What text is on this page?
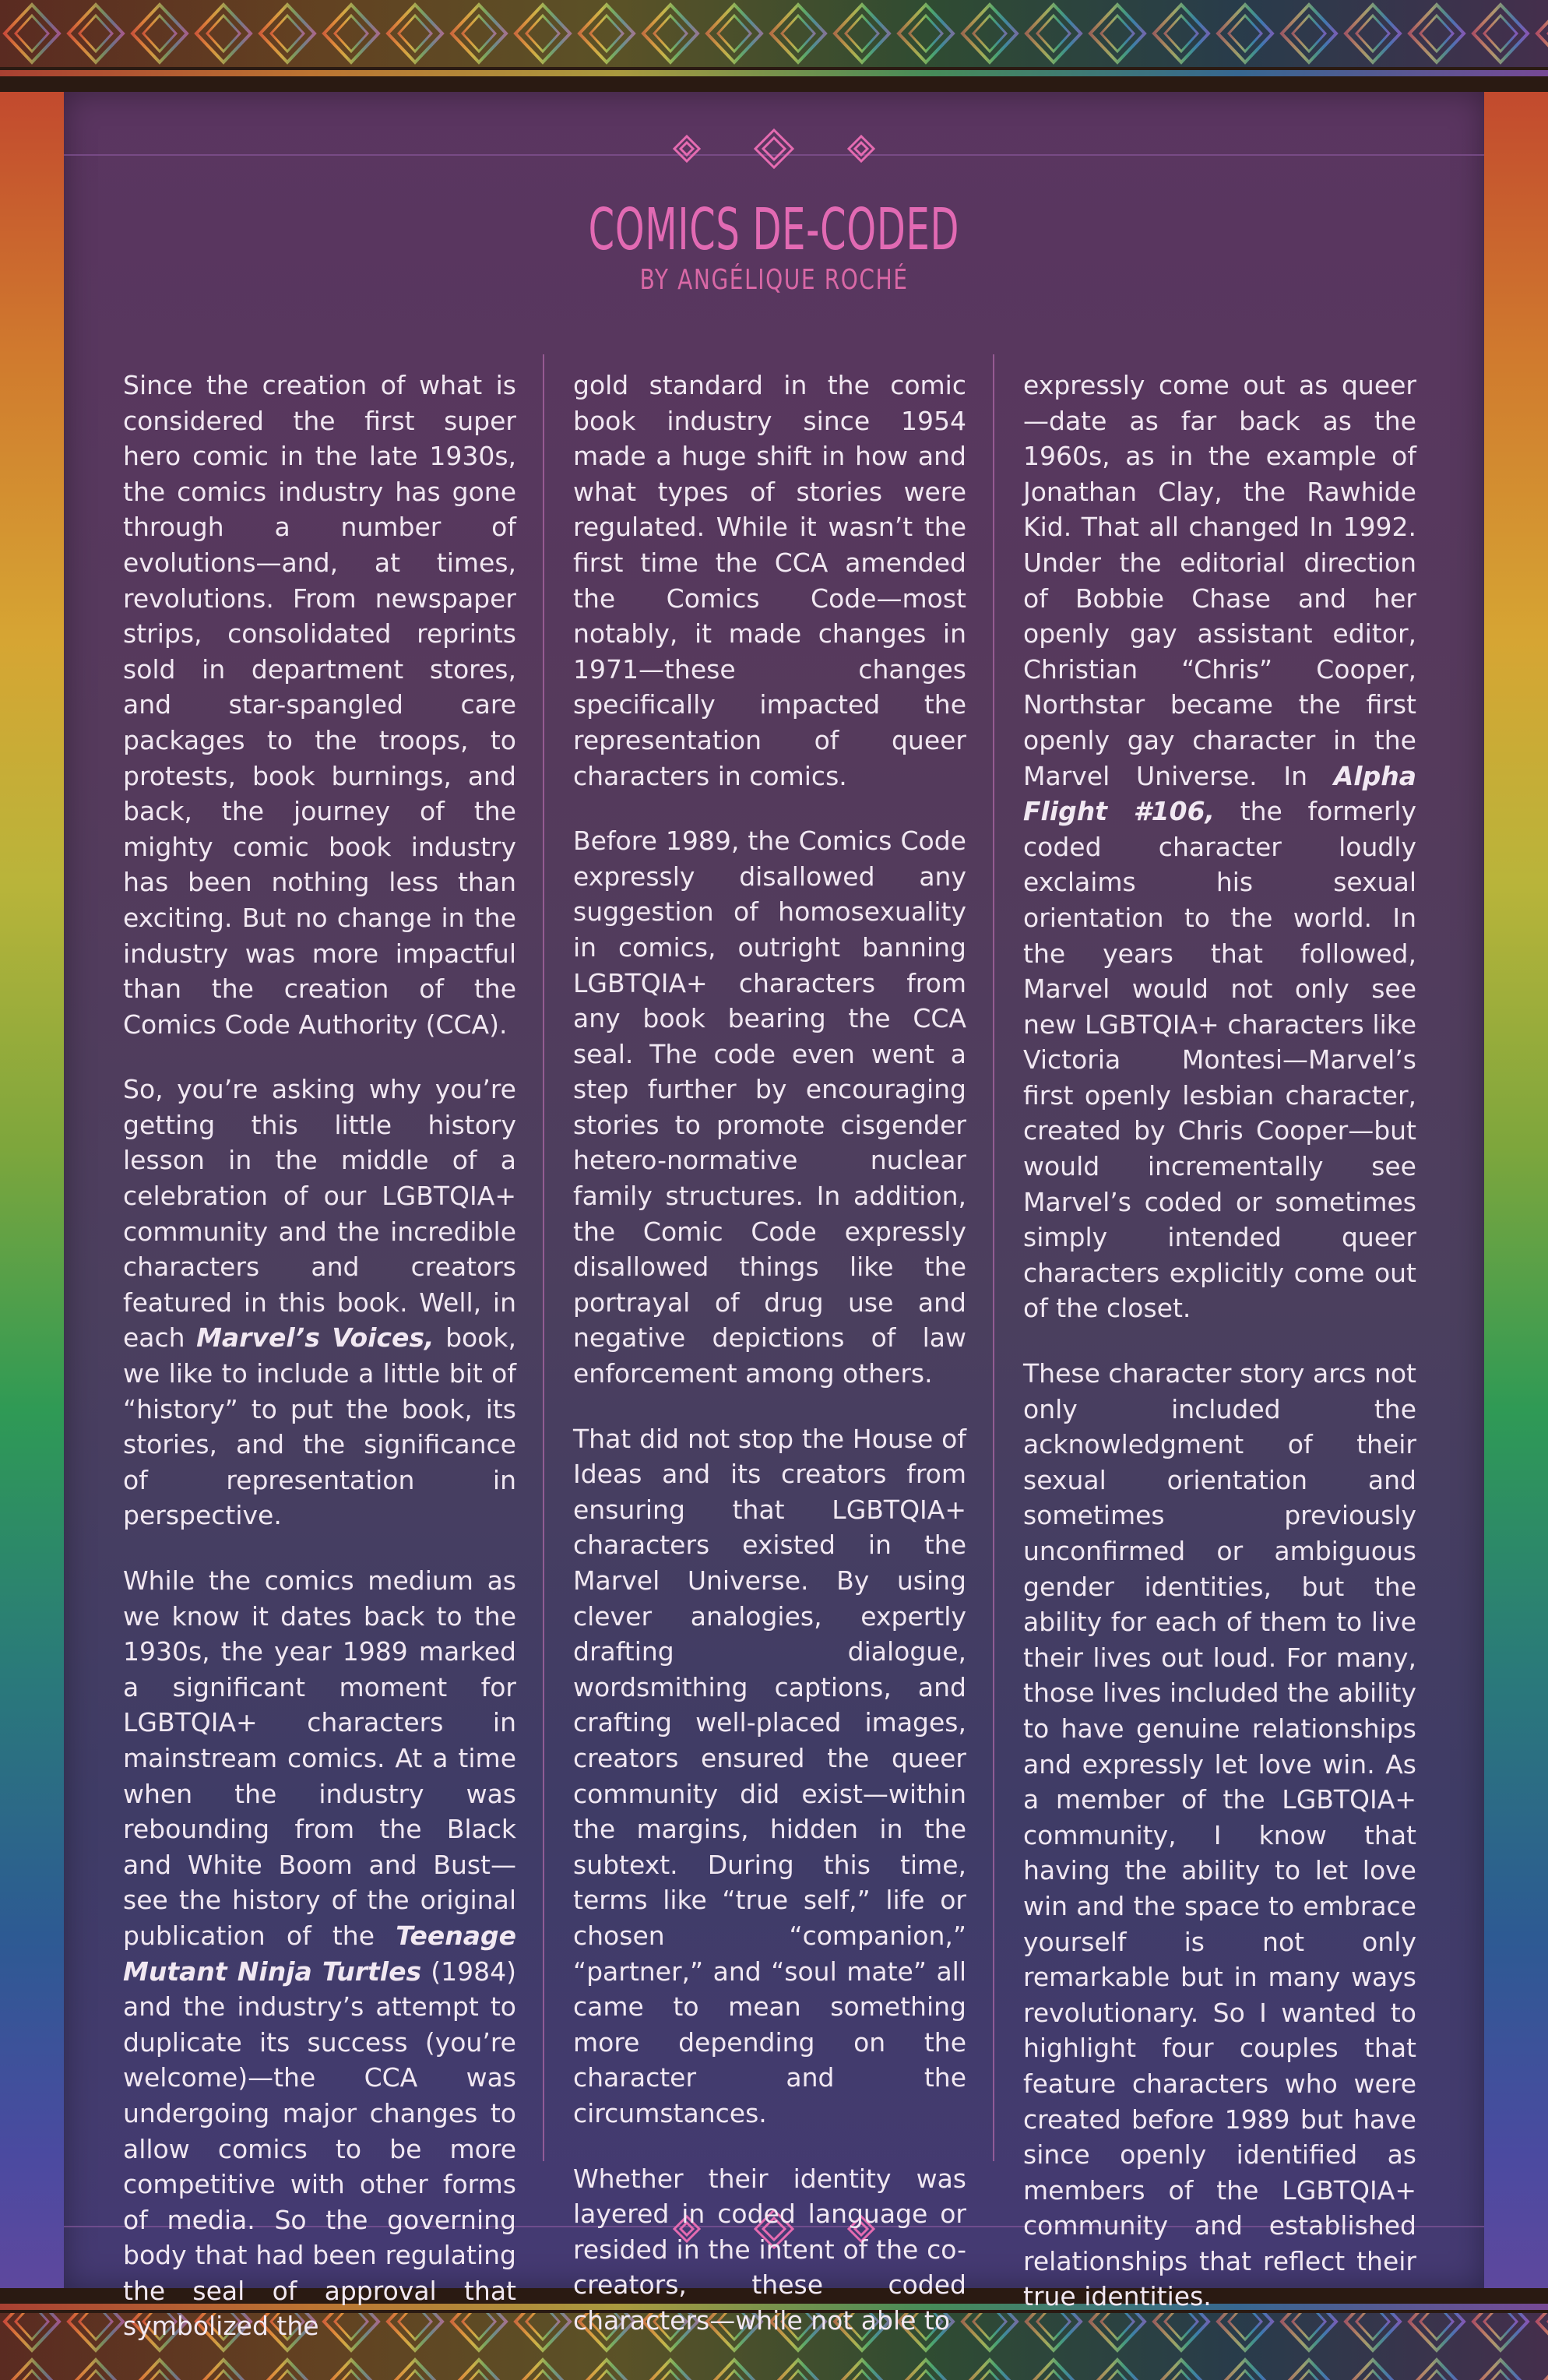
COMICS DE-CODED
BY ANGÉLIQUE ROCHÉ

Since the creation of what is considered the first super hero comic in the late 1930s, the comics industry has gone through a number of evolutions—and, at times, revolutions. From newspaper strips, consolidated reprints sold in department stores, and star-spangled care packages to the troops, to protests, book burnings, and back, the journey of the mighty comic book industry has been nothing less than exciting. But no change in the industry was more impactful than the creation of the Comics Code Authority (CCA).

So, you’re asking why you’re getting this little history lesson in the middle of a celebration of our LGBTQIA+ community and the incredible characters and creators featured in this book. Well, in each Marvel’s Voices, book, we like to include a little bit of “history” to put the book, its stories, and the significance of representation in perspective.

While the comics medium as we know it dates back to the 1930s, the year 1989 marked a significant moment for LGBTQIA+ characters in mainstream comics. At a time when the industry was rebounding from the Black and White Boom and Bust—see the history of the original publication of the Teenage Mutant Ninja Turtles (1984) and the industry’s attempt to duplicate its success (you’re welcome)—the CCA was undergoing major changes to allow comics to be more competitive with other forms of media. So the governing body that had been regulating the seal of approval that symbolized the

gold standard in the comic book industry since 1954 made a huge shift in how and what types of stories were regulated. While it wasn’t the first time the CCA amended the Comics Code—most notably, it made changes in 1971—these changes specifically impacted the representation of queer characters in comics.

Before 1989, the Comics Code expressly disallowed any suggestion of homosexuality in comics, outright banning LGBTQIA+ characters from any book bearing the CCA seal. The code even went a step further by encouraging stories to promote cisgender hetero-normative nuclear family structures. In addition, the Comic Code expressly disallowed things like the portrayal of drug use and negative depictions of law enforcement among others.

That did not stop the House of Ideas and its creators from ensuring that LGBTQIA+ characters existed in the Marvel Universe. By using clever analogies, expertly drafting dialogue, wordsmithing captions, and crafting well-placed images, creators ensured the queer community did exist—within the margins, hidden in the subtext. During this time, terms like “true self,” life or chosen “companion,” “partner,” and “soul mate” all came to mean something more depending on the character and the circumstances.

Whether their identity was layered in coded language or resided in the intent of the co-creators, these coded characters—while not able to

expressly come out as queer—date as far back as the 1960s, as in the example of Jonathan Clay, the Rawhide Kid. That all changed In 1992. Under the editorial direction of Bobbie Chase and her openly gay assistant editor, Christian “Chris” Cooper, Northstar became the first openly gay character in the Marvel Universe. In Alpha Flight #106, the formerly coded character loudly exclaims his sexual orientation to the world. In the years that followed, Marvel would not only see new LGBTQIA+ characters like Victoria Montesi—Marvel’s first openly lesbian character, created by Chris Cooper—but would incrementally see Marvel’s coded or sometimes simply intended queer characters explicitly come out of the closet.

These character story arcs not only included the acknowledgment of their sexual orientation and sometimes previously unconfirmed or ambiguous gender identities, but the ability for each of them to live their lives out loud. For many, those lives included the ability to have genuine relationships and expressly let love win. As a member of the LGBTQIA+ community, I know that having the ability to let love win and the space to embrace yourself is not only remarkable but in many ways revolutionary. So I wanted to highlight four couples that feature characters who were created before 1989 but have since openly identified as members of the LGBTQIA+ community and established relationships that reflect their true identities.
